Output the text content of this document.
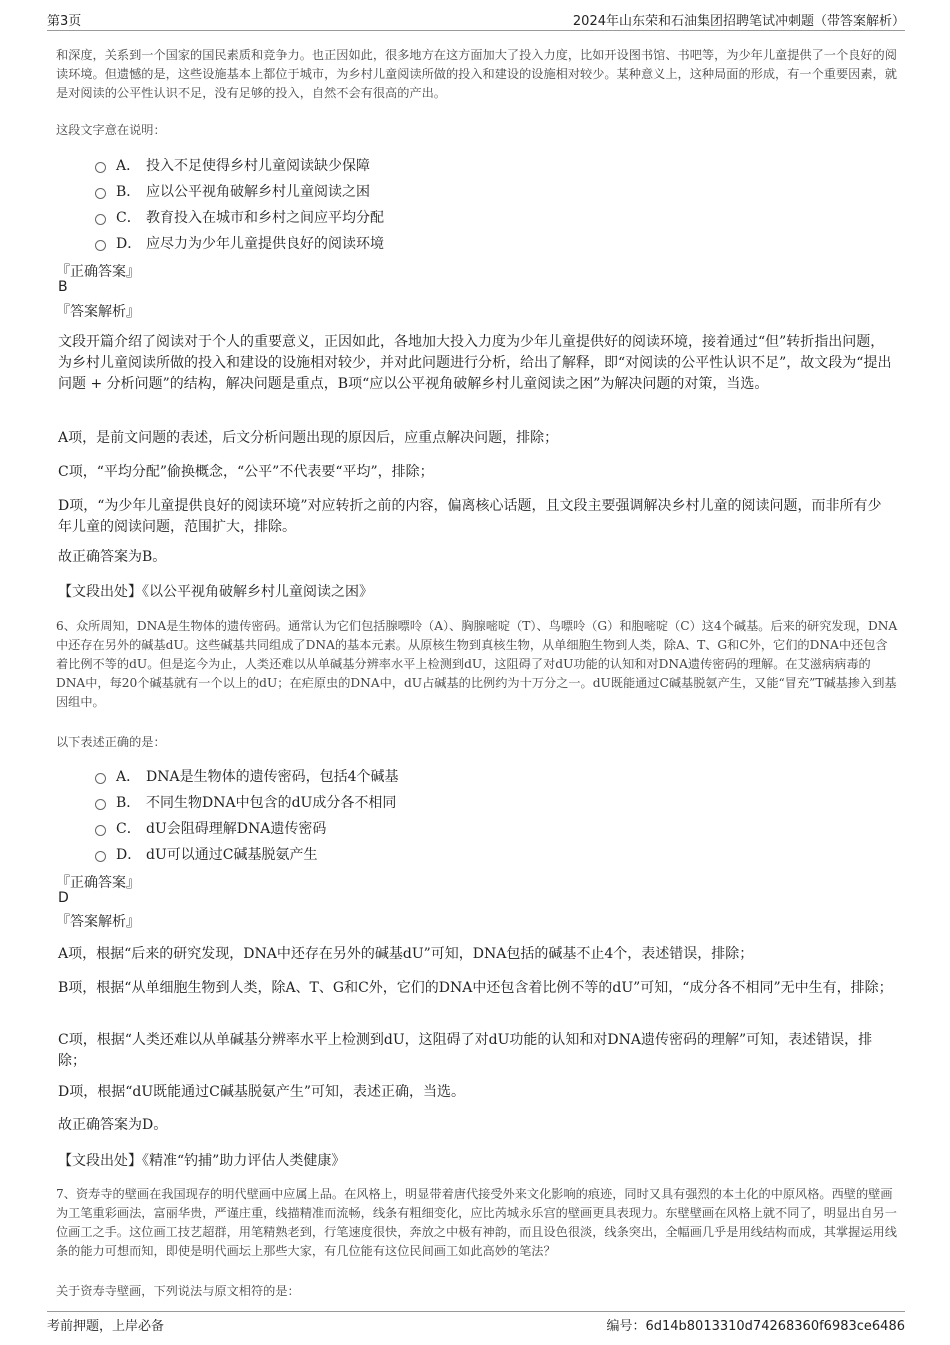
第3页	2024年山东荣和石油集团招聘笔试冲刺题（带答案解析）

和深度，关系到一个国家的国民素质和竞争力。也正因如此，很多地方在这方面加大了投入力度，比如开设图书馆、书吧等，为少年儿童提供了一个良好的阅读环境。但遗憾的是，这些设施基本上都位于城市，为乡村儿童阅读所做的投入和建设的设施相对较少。某种意义上，这种局面的形成，有一个重要因素，就是对阅读的公平性认识不足，没有足够的投入，自然不会有很高的产出。

这段文字意在说明：

A． 投入不足使得乡村儿童阅读缺少保障
B． 应以公平视角破解乡村儿童阅读之困
C． 教育投入在城市和乡村之间应平均分配
D． 应尽力为少年儿童提供良好的阅读环境
『正确答案』
B
『答案解析』

文段开篇介绍了阅读对于个人的重要意义，正因如此，各地加大投入力度为少年儿童提供好的阅读环境，接着通过“但”转折指出问题，为乡村儿童阅读所做的投入和建设的设施相对较少，并对此问题进行分析，给出了解释，即“对阅读的公平性认识不足”，故文段为“提出问题 + 分析问题”的结构，解决问题是重点，B项“应以公平视角破解乡村儿童阅读之困”为解决问题的对策，当选。

A项，是前文问题的表述，后文分析问题出现的原因后，应重点解决问题，排除；

C项，“平均分配”偷换概念，“公平”不代表要“平均”，排除；

D项，“为少年儿童提供良好的阅读环境”对应转折之前的内容，偏离核心话题，且文段主要强调解决乡村儿童的阅读问题，而非所有少年儿童的阅读问题，范围扩大，排除。

故正确答案为B。

【文段出处】《以公平视角破解乡村儿童阅读之困》

6、众所周知，DNA是生物体的遗传密码。通常认为它们包括腺嘌呤（A）、胸腺嘧啶（T）、鸟嘌呤（G）和胞嘧啶（C）这4个碱基。后来的研究发现，DNA中还存在另外的碱基dU。这些碱基共同组成了DNA的基本元素。从原核生物到真核生物，从单细胞生物到人类，除A、T、G和C外，它们的DNA中还包含着比例不等的dU。但是迄今为止，人类还难以从单碱基分辨率水平上检测到dU，这阻碍了对dU功能的认知和对DNA遗传密码的理解。在艾滋病病毒的DNA中，每20个碱基就有一个以上的dU；在疟原虫的DNA中，dU占碱基的比例约为十万分之一。dU既能通过C碱基脱氨产生，又能“冒充”T碱基掺入到基因组中。

以下表述正确的是：

A． DNA是生物体的遗传密码，包括4个碱基
B． 不同生物DNA中包含的dU成分各不相同
C． dU会阻碍理解DNA遗传密码
D． dU可以通过C碱基脱氨产生
『正确答案』
D
『答案解析』

A项，根据“后来的研究发现，DNA中还存在另外的碱基dU”可知，DNA包括的碱基不止4个，表述错误，排除；

B项，根据“从单细胞生物到人类，除A、T、G和C外，它们的DNA中还包含着比例不等的dU”可知，“成分各不相同”无中生有，排除；

C项，根据“人类还难以从单碱基分辨率水平上检测到dU，这阻碍了对dU功能的认知和对DNA遗传密码的理解”可知，表述错误，排除；

D项，根据“dU既能通过C碱基脱氨产生”可知，表述正确，当选。

故正确答案为D。

【文段出处】《精准“钓捕”助力评估人类健康》

7、资寿寺的壁画在我国现存的明代壁画中应属上品。在风格上，明显带着唐代接受外来文化影响的痕迹，同时又具有强烈的本土化的中原风格。西壁的壁画为工笔重彩画法，富丽华贵，严谨庄重，线描精准而流畅，线条有粗细变化，应比芮城永乐宫的壁画更具表现力。东壁壁画在风格上就不同了，明显出自另一位画工之手。这位画工技艺超群，用笔精熟老到，行笔速度很快，奔放之中极有神韵，而且设色很淡，线条突出，全幅画几乎是用线结构而成，其掌握运用线条的能力可想而知，即使是明代画坛上那些大家，有几位能有这位民间画工如此高妙的笔法？

关于资寿寺壁画，下列说法与原文相符的是：

考前押题，上岸必备	编号：6d14b8013310d74268360f6983ce6486
